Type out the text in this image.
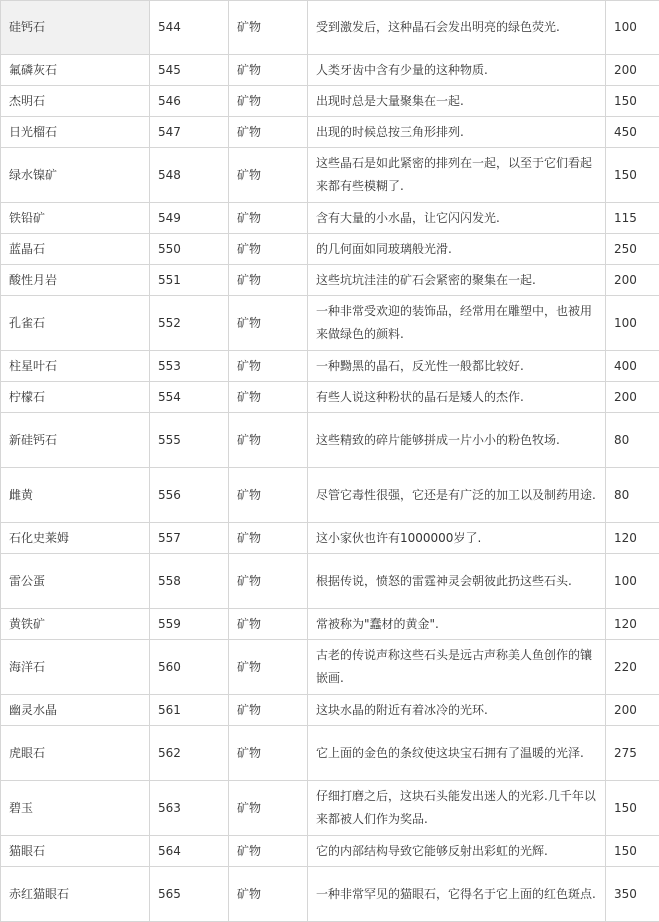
硅钙石	544	矿物	受到激发后，这种晶石会发出明亮的绿色荧光.	100
氟磷灰石	545	矿物	人类牙齿中含有少量的这种物质.	200
杰明石	546	矿物	出现时总是大量聚集在一起.	150
日光榴石	547	矿物	出现的时候总按三角形排列.	450
绿水镍矿	548	矿物	这些晶石是如此紧密的排列在一起，以至于它们看起来都有些模糊了.	150
铁铅矿	549	矿物	含有大量的小水晶，让它闪闪发光.	115
蓝晶石	550	矿物	的几何面如同玻璃般光滑.	250
酸性月岩	551	矿物	这些坑坑洼洼的矿石会紧密的聚集在一起.	200
孔雀石	552	矿物	一种非常受欢迎的装饰品，经常用在雕塑中，也被用来做绿色的颜料.	100
柱星叶石	553	矿物	一种黝黑的晶石，反光性一般都比较好.	400
柠檬石	554	矿物	有些人说这种粉状的晶石是矮人的杰作.	200
新硅钙石	555	矿物	这些精致的碎片能够拼成一片小小的粉色牧场.	80
雌黄	556	矿物	尽管它毒性很强，它还是有广泛的加工以及制药用途.	80
石化史莱姆	557	矿物	这小家伙也许有1000000岁了.	120
雷公蛋	558	矿物	根据传说，愤怒的雷霆神灵会朝彼此扔这些石头.	100
黄铁矿	559	矿物	常被称为"蠢材的黄金".	120
海洋石	560	矿物	古老的传说声称这些石头是远古声称美人鱼创作的镶嵌画.	220
幽灵水晶	561	矿物	这块水晶的附近有着冰冷的光环.	200
虎眼石	562	矿物	它上面的金色的条纹使这块宝石拥有了温暖的光泽.	275
碧玉	563	矿物	仔细打磨之后，这块石头能发出迷人的光彩.几千年以来都被人们作为奖品.	150
猫眼石	564	矿物	它的内部结构导致它能够反射出彩虹的光辉.	150
赤红猫眼石	565	矿物	一种非常罕见的猫眼石，它得名于它上面的红色斑点.	350
